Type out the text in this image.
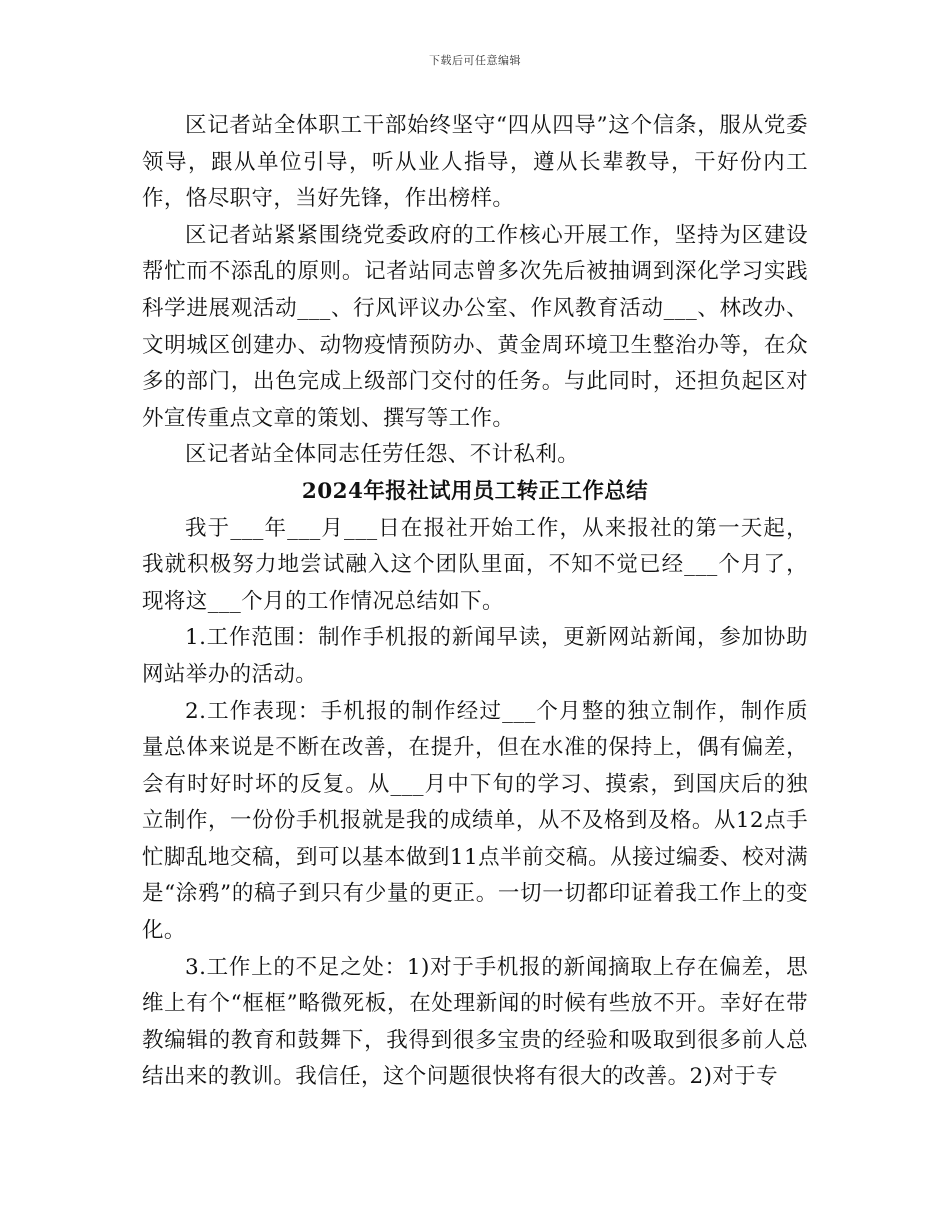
下载后可任意编辑

区记者站全体职工干部始终坚守“四从四导”这个信条，服从党委领导，跟从单位引导，听从业人指导，遵从长辈教导，干好份内工作，恪尽职守，当好先锋，作出榜样。

区记者站紧紧围绕党委政府的工作核心开展工作，坚持为区建设帮忙而不添乱的原则。记者站同志曾多次先后被抽调到深化学习实践科学进展观活动___、行风评议办公室、作风教育活动___、林改办、文明城区创建办、动物疫情预防办、黄金周环境卫生整治办等，在众多的部门，出色完成上级部门交付的任务。与此同时，还担负起区对外宣传重点文章的策划、撰写等工作。

区记者站全体同志任劳任怨、不计私利。

2024年报社试用员工转正工作总结

我于___年___月___日在报社开始工作，从来报社的第一天起，我就积极努力地尝试融入这个团队里面，不知不觉已经___个月了，现将这___个月的工作情况总结如下。

1.工作范围：制作手机报的新闻早读，更新网站新闻，参加协助网站举办的活动。

2.工作表现：手机报的制作经过___个月整的独立制作，制作质量总体来说是不断在改善，在提升，但在水准的保持上，偶有偏差，会有时好时坏的反复。从___月中下旬的学习、摸索，到国庆后的独立制作，一份份手机报就是我的成绩单，从不及格到及格。从12点手忙脚乱地交稿，到可以基本做到11点半前交稿。从接过编委、校对满是“涂鸦”的稿子到只有少量的更正。一切一切都印证着我工作上的变化。

3.工作上的不足之处：1)对于手机报的新闻摘取上存在偏差，思维上有个“框框”略微死板，在处理新闻的时候有些放不开。幸好在带教编辑的教育和鼓舞下，我得到很多宝贵的经验和吸取到很多前人总结出来的教训。我信任，这个问题很快将有很大的改善。2)对于专
